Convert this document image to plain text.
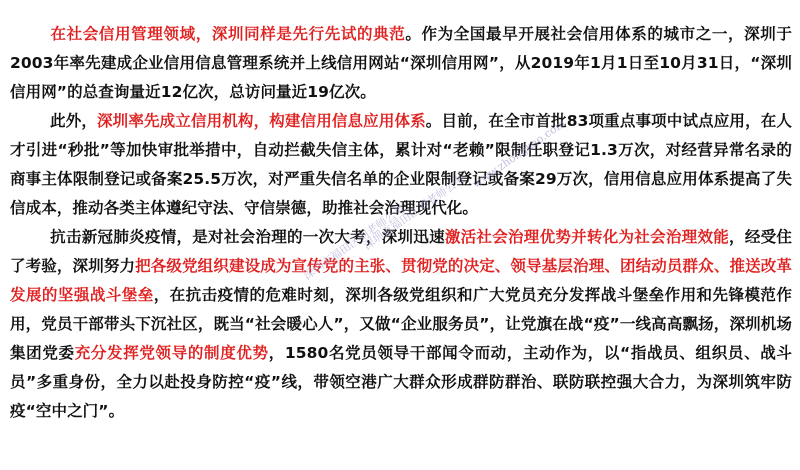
在社会信用管理领域，深圳同样是先行先试的典范。作为全国最早开展社会信用体系的城市之一，深圳于2003年率先建成企业信用信息管理系统并上线信用网站“深圳信用网”，从2019年1月1日至10月31日，“深圳信用网”的总查询量近12亿次，总访问量近19亿次。

此外，深圳率先成立信用机构，构建信用信息应用体系。目前，在全市首批83项重点事项中试点应用，在人才引进“秒批”等加快审批举措中，自动拦截失信主体，累计对“老赖”限制任职登记1.3万次，对经营异常名录的商事主体限制登记或备案25.5万次，对严重失信名单的企业限制登记或备案29万次，信用信息应用体系提高了失信成本，推动各类主体遵纪守法、守信崇德，助推社会治理现代化。

抗击新冠肺炎疫情，是对社会治理的一次大考，深圳迅速激活社会治理优势并转化为社会治理效能，经受住了考验，深圳努力把各级党组织建设成为宣传党的主张、贯彻党的决定、领导基层治理、团结动员群众、推送改革发展的坚强战斗堡垒，在抗击疫情的危难时刻，深圳各级党组织和广大党员充分发挥战斗堡垒作用和先锋模范作用，党员干部带头下沉社区，既当“社会暖心人”，又做“企业服务员”，让党旗在战“疫”一线高高飘扬，深圳机场集团党委充分发挥党领导的制度优势，1580名党员领导干部闻令而动，主动作为，以“指战员、组织员、战斗员”多重身份，全力以赴投身防控“疫”线，带领空港广大群众形成群防群治、联防联控强大合力，为深圳筑牢防疫“空中之门”。

深圳市福田区刘老师公考
www.zhongkao.com
深圳市福田区刘老师公考
